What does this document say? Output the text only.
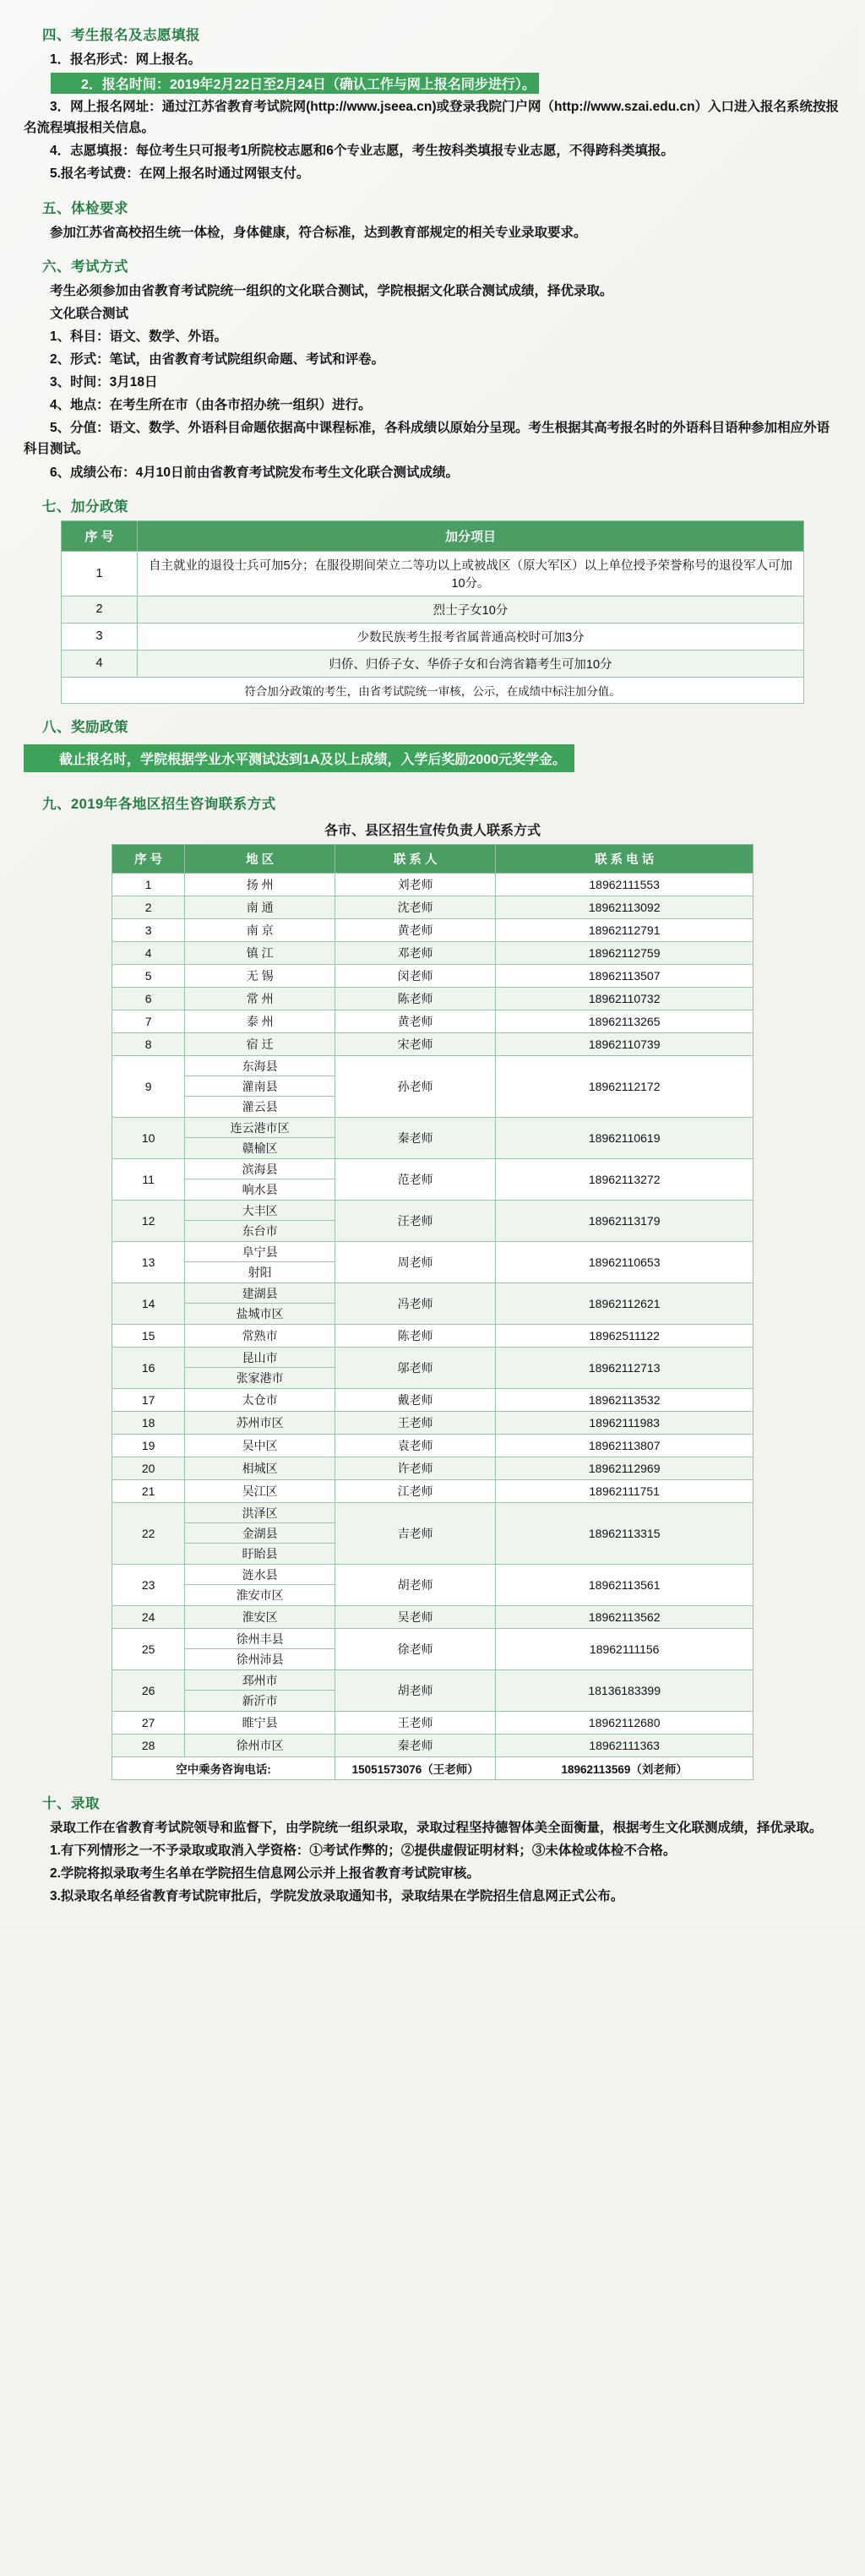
四、考生报名及志愿填报
1．报名形式：网上报名。
2．报名时间：2019年2月22日至2月24日（确认工作与网上报名同步进行）。
3．网上报名网址：通过江苏省教育考试院网(http://www.jseea.cn)或登录我院门户网（http://www.szai.edu.cn）入口进入报名系统按报名流程填报相关信息。
4．志愿填报：每位考生只可报考1所院校志愿和6个专业志愿，考生按科类填报专业志愿，不得跨科类填报。
5.报名考试费：在网上报名时通过网银支付。
五、体检要求
参加江苏省高校招生统一体检，身体健康，符合标准，达到教育部规定的相关专业录取要求。
六、考试方式
考生必须参加由省教育考试院统一组织的文化联合测试，学院根据文化联合测试成绩，择优录取。
文化联合测试
1、科目：语文、数学、外语。
2、形式：笔试，由省教育考试院组织命题、考试和评卷。
3、时间：3月18日
4、地点：在考生所在市（由各市招办统一组织）进行。
5、分值：语文、数学、外语科目命题依据高中课程标准，各科成绩以原始分呈现。考生根据其高考报名时的外语科目语种参加相应外语科目测试。
6、成绩公布：4月10日前由省教育考试院发布考生文化联合测试成绩。
七、加分政策
序 号	加分项目
1	自主就业的退役士兵可加5分；在服役期间荣立二等功以上或被战区（原大军区）以上单位授予荣誉称号的退役军人可加10分。
2	烈士子女10分
3	少数民族考生报考省属普通高校时可加3分
4	归侨、归侨子女、华侨子女和台湾省籍考生可加10分
符合加分政策的考生，由省考试院统一审核，公示，在成绩中标注加分值。	
八、奖励政策
截止报名时，学院根据学业水平测试达到1A及以上成绩，入学后奖励2000元奖学金。
九、2019年各地区招生咨询联系方式
各市、县区招生宣传负责人联系方式
序 号	地 区	联 系 人	联 系 电 话
1	扬 州	刘老师	18962111553
2	南 通	沈老师	18962113092
3	南 京	黄老师	18962112791
4	镇 江	邓老师	18962112759
5	无 锡	闵老师	18962113507
6	常 州	陈老师	18962110732
7	泰 州	黄老师	18962113265
8	宿 迁	宋老师	18962110739
9	东海县
灌南县
灌云县	孙老师	18962112172
10	连云港市区
赣榆区	秦老师	18962110619
11	滨海县
响水县	范老师	18962113272
12	大丰区
东台市	汪老师	18962113179
13	阜宁县
射阳	周老师	18962110653
14	建湖县
盐城市区	冯老师	18962112621
15	常熟市	陈老师	18962511122
16	昆山市
张家港市	邬老师	18962112713
17	太仓市	戴老师	18962113532
18	苏州市区	王老师	18962111983
19	吴中区	袁老师	18962113807
20	相城区	许老师	18962112969
21	吴江区	江老师	18962111751
22	洪泽区
金湖县
盱眙县	吉老师	18962113315
23	涟水县
淮安市区	胡老师	18962113561
24	淮安区	吴老师	18962113562
25	徐州丰县
徐州沛县	徐老师	18962111156
26	邳州市
新沂市	胡老师	18136183399
27	睢宁县	王老师	18962112680
28	徐州市区	秦老师	18962111363
空中乘务咨询电话:		15051573076（王老师）	18962113569（刘老师）
十、录取
录取工作在省教育考试院领导和监督下，由学院统一组织录取，录取过程坚持德智体美全面衡量，根据考生文化联测成绩，择优录取。
1.有下列情形之一不予录取或取消入学资格：①考试作弊的；②提供虚假证明材料；③未体检或体检不合格。
2.学院将拟录取考生名单在学院招生信息网公示并上报省教育考试院审核。
3.拟录取名单经省教育考试院审批后，学院发放录取通知书，录取结果在学院招生信息网正式公布。
